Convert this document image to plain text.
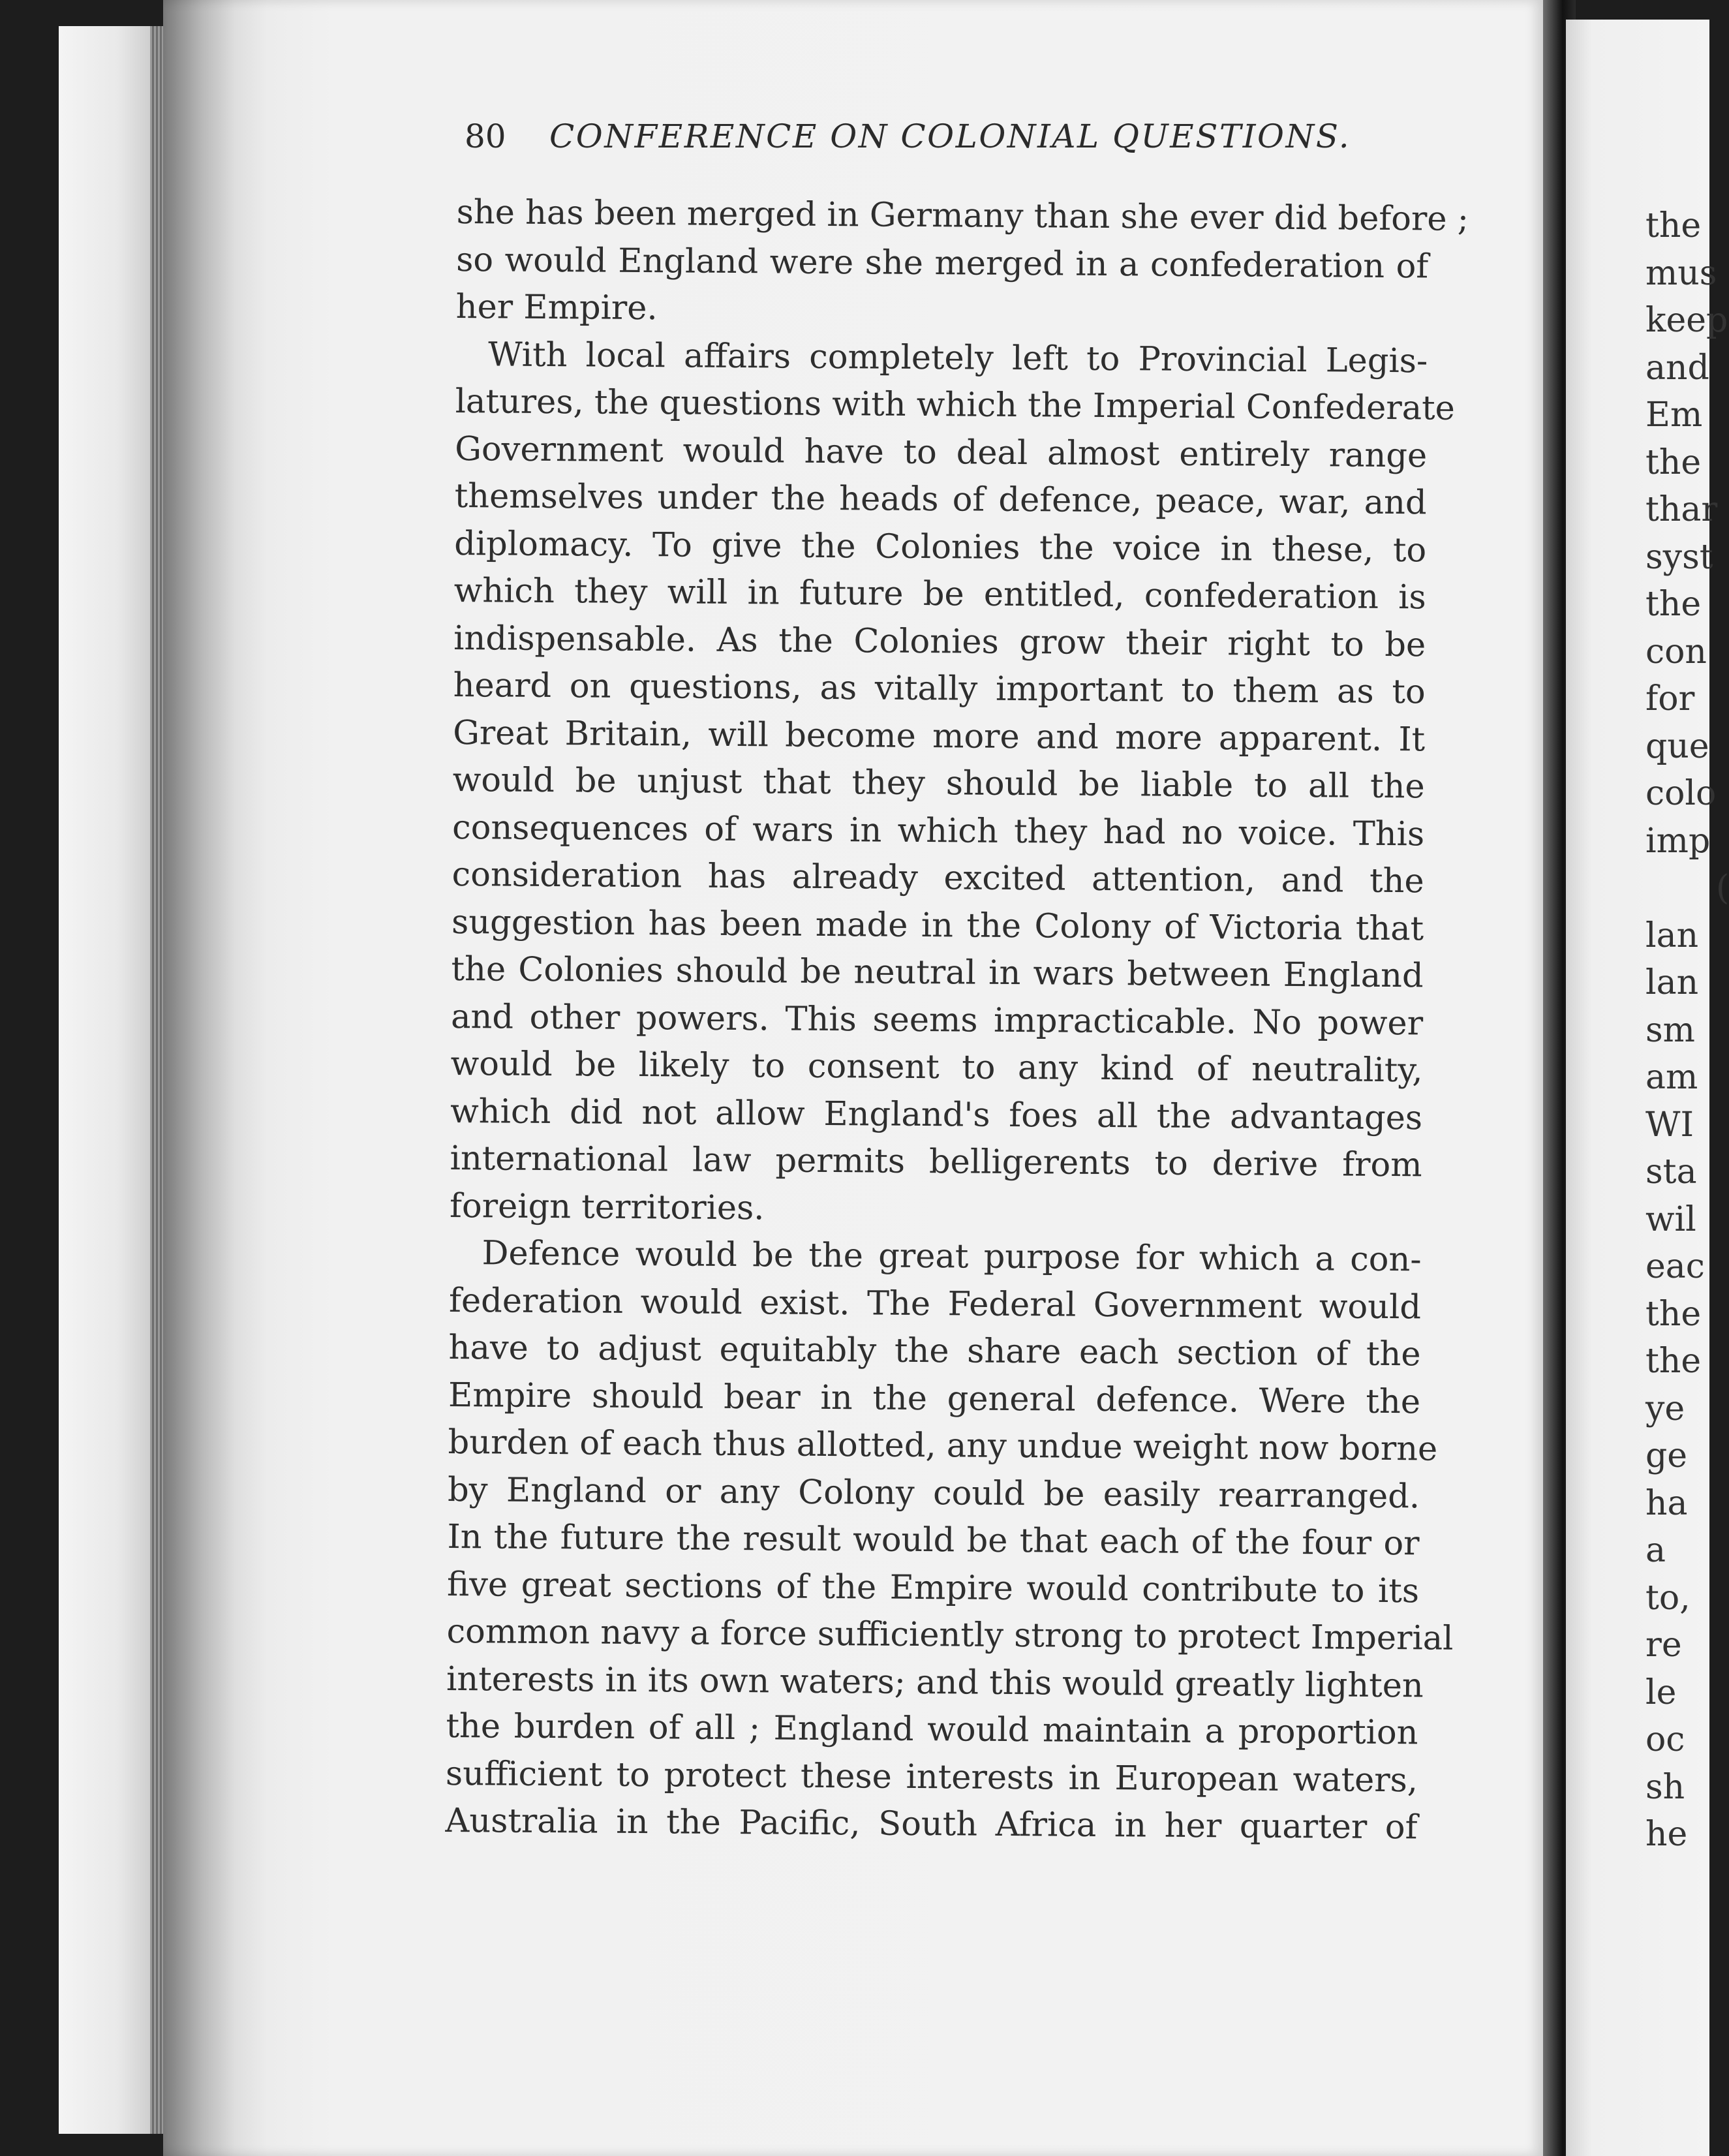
the
mus
keep
and
Em
the
thar
syst
the
con
for
que
colo
imp
(
lan
lan
sm
am
WI
sta
wil
eac
the
the
ye
ge
ha
a
to,
re
le
oc
sh
he
80 CONFERENCE ON COLONIAL QUESTIONS.
she has been merged in Germany than she ever did before ;
so would England were she merged in a confederation of
her Empire.
With local affairs completely left to Provincial Legis-
latures, the questions with which the Imperial Confederate
Government would have to deal almost entirely range
themselves under the heads of defence, peace, war, and
diplomacy. To give the Colonies the voice in these, to
which they will in future be entitled, confederation is
indispensable. As the Colonies grow their right to be
heard on questions, as vitally important to them as to
Great Britain, will become more and more apparent. It
would be unjust that they should be liable to all the
consequences of wars in which they had no voice. This
consideration has already excited attention, and the
suggestion has been made in the Colony of Victoria that
the Colonies should be neutral in wars between England
and other powers. This seems impracticable. No power
would be likely to consent to any kind of neutrality,
which did not allow England's foes all the advantages
international law permits belligerents to derive from
foreign territories.
Defence would be the great purpose for which a con-
federation would exist. The Federal Government would
have to adjust equitably the share each section of the
Empire should bear in the general defence. Were the
burden of each thus allotted, any undue weight now borne
by England or any Colony could be easily rearranged.
In the future the result would be that each of the four or
five great sections of the Empire would contribute to its
common navy a force sufficiently strong to protect Imperial
interests in its own waters; and this would greatly lighten
the burden of all ; England would maintain a proportion
sufficient to protect these interests in European waters,
Australia in the Pacific, South Africa in her quarter of
